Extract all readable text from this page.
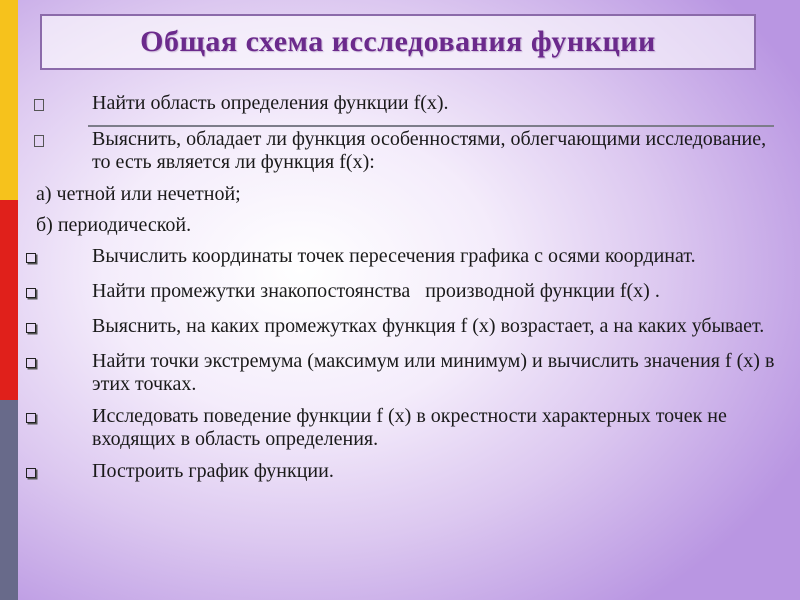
Общая схема исследования функции
Найти область определения функции f(x).
Выяснить, обладает ли функция особенностями, облегчающими исследование, то есть является ли функция f(x):
а) четной или нечетной;
б) периодической.
Вычислить координаты точек пересечения графика с осями координат.
Найти промежутки знакопостоянства   производной функции f(x) .
Выяснить, на каких промежутках функция f (x) возрастает, а на каких убывает.
Найти точки экстремума (максимум или минимум) и вычислить значения f (x) в этих точках.
Исследовать поведение функции f (x) в окрестности характерных точек не входящих в область определения.
Построить график функции.
